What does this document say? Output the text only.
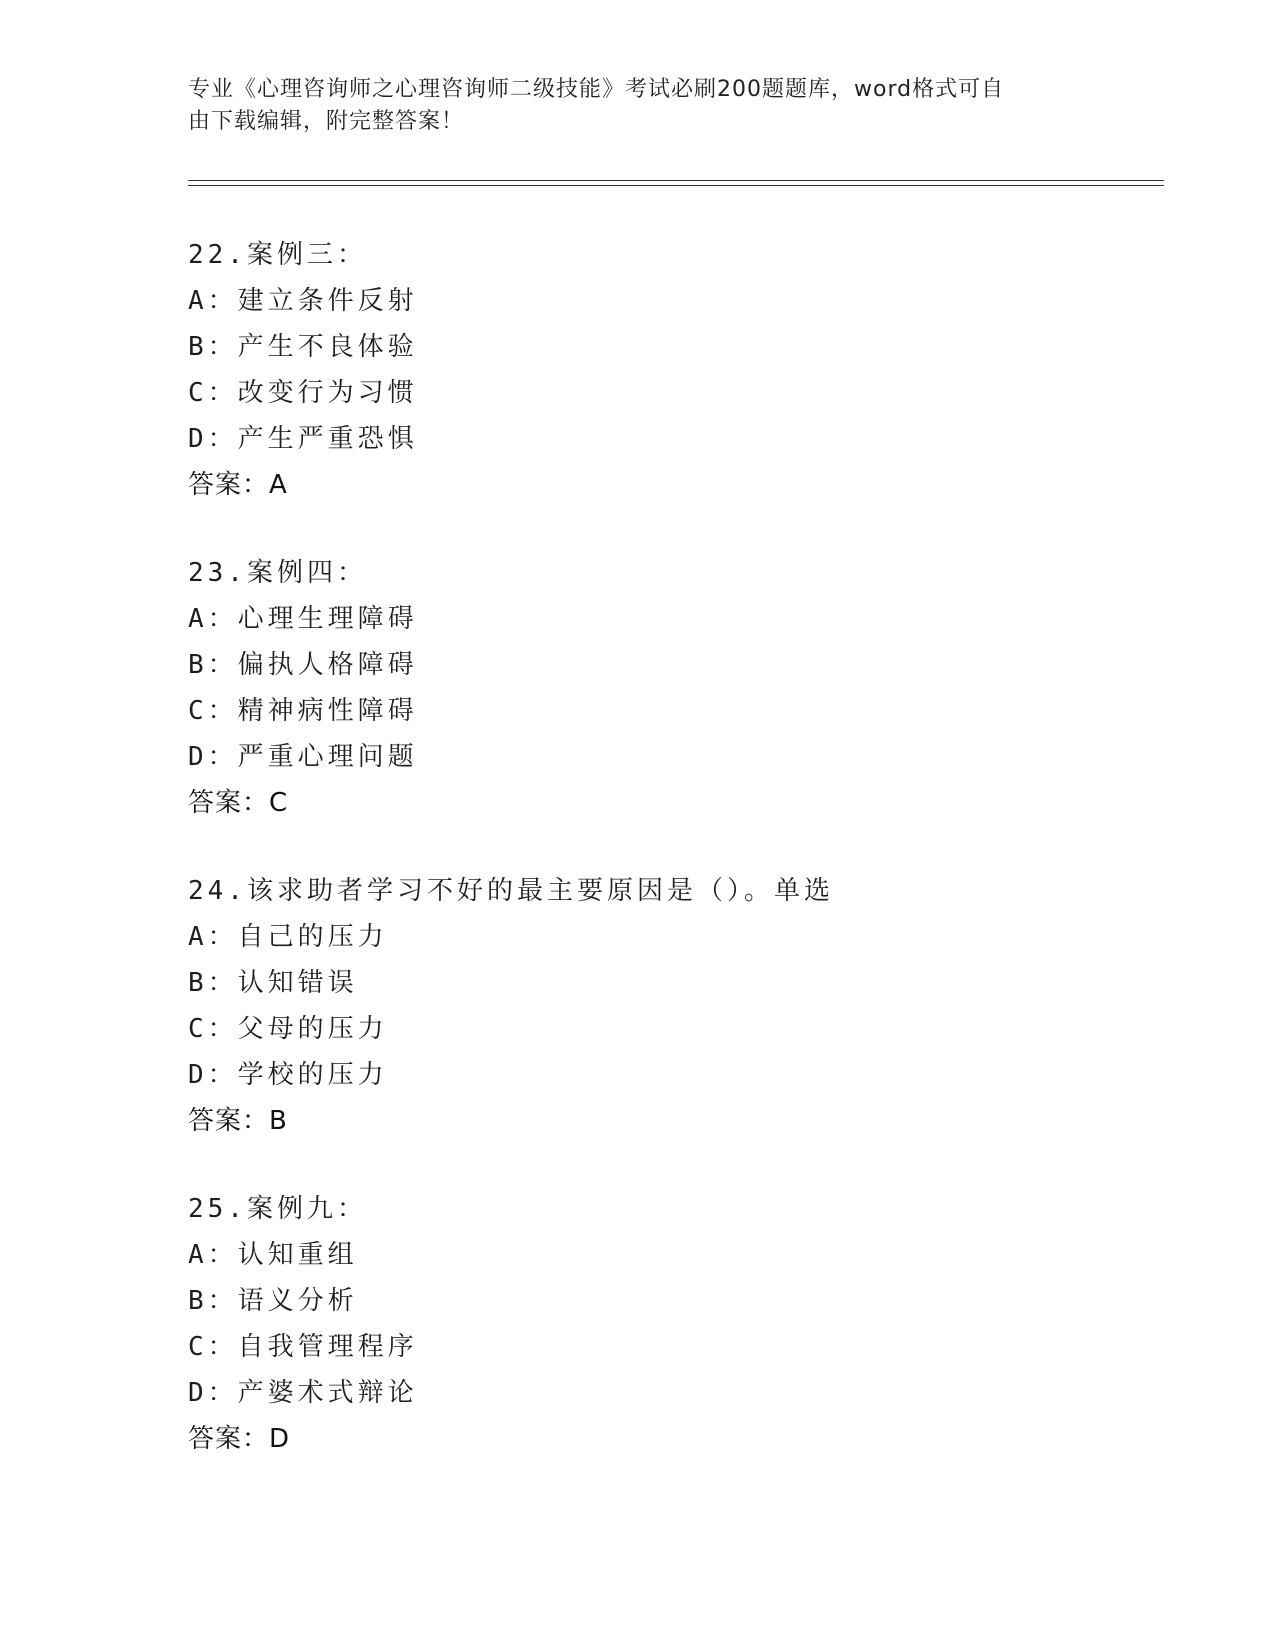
专业《心理咨询师之心理咨询师二级技能》考试必刷200题题库，word格式可自
由下载编辑，附完整答案！
22.案例三：
A：建立条件反射
B：产生不良体验
C：改变行为习惯
D：产生严重恐惧
答案：A
23.案例四：
A：心理生理障碍
B：偏执人格障碍
C：精神病性障碍
D：严重心理问题
答案：C
24.该求助者学习不好的最主要原因是（）。单选
A：自己的压力
B：认知错误
C：父母的压力
D：学校的压力
答案：B
25.案例九：
A：认知重组
B：语义分析
C：自我管理程序
D：产婆术式辩论
答案：D
